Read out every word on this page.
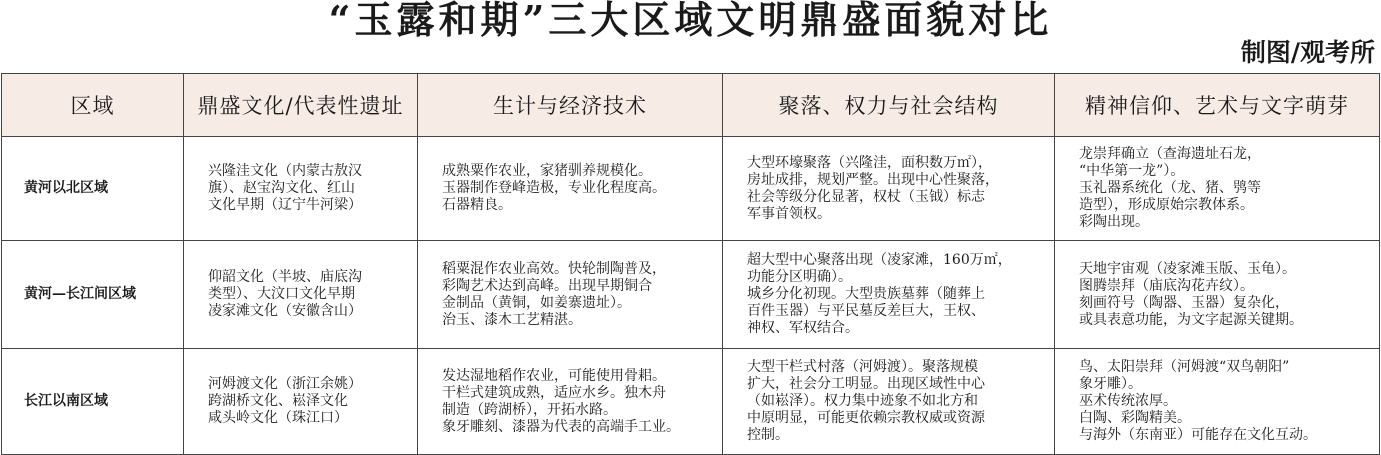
“玉露和期”三大区域文明鼎盛面貌对比
制图/观考所
区域	鼎盛文化/代表性遗址	生计与经济技术	聚落、权力与社会结构	精神信仰、艺术与文字萌芽
黄河以北区域	兴隆洼文化（内蒙古敖汉
旗）、赵宝沟文化、红山
文化早期（辽宁牛河梁）	成熟粟作农业，家猪驯养规模化。
玉器制作登峰造极，专业化程度高。
石器精良。	大型环壕聚落（兴隆洼，面积数万㎡），
房址成排，规划严整。出现中心性聚落，
社会等级分化显著，权杖（玉钺）标志
军事首领权。	龙崇拜确立（查海遗址石龙，
“中华第一龙”）。
玉礼器系统化（龙、猪、鸮等
造型），形成原始宗教体系。
彩陶出现。

黄河—长江间区域	仰韶文化（半坡、庙底沟
类型）、大汶口文化早期
凌家滩文化（安徽含山）	稻粟混作农业高效。快轮制陶普及，
彩陶艺术达到高峰。出现早期铜合
金制品（黄铜，如姜寨遗址）。
治玉、漆木工艺精湛。	超大型中心聚落出现（凌家滩，160万㎡，
功能分区明确）。
城乡分化初现。大型贵族墓葬（随葬上
百件玉器）与平民墓反差巨大，王权、
神权、军权结合。	天地宇宙观（凌家滩玉版、玉龟）。
图腾崇拜（庙底沟花卉纹）。
刻画符号（陶器、玉器）复杂化，
或具表意功能，为文字起源关键期。

长江以南区域	河姆渡文化（浙江余姚）
跨湖桥文化、崧泽文化
咸头岭文化（珠江口）	发达湿地稻作农业，可能使用骨耜。
干栏式建筑成熟，适应水乡。独木舟
制造（跨湖桥），开拓水路。
象牙雕刻、漆器为代表的高端手工业。	大型干栏式村落（河姆渡）。聚落规模
扩大，社会分工明显。出现区域性中心
（如崧泽）。权力集中迹象不如北方和
中原明显，可能更依赖宗教权威或资源
控制。	鸟、太阳崇拜（河姆渡“双鸟朝阳”
象牙雕）。
巫术传统浓厚。
白陶、彩陶精美。
与海外（东南亚）可能存在文化互动。
